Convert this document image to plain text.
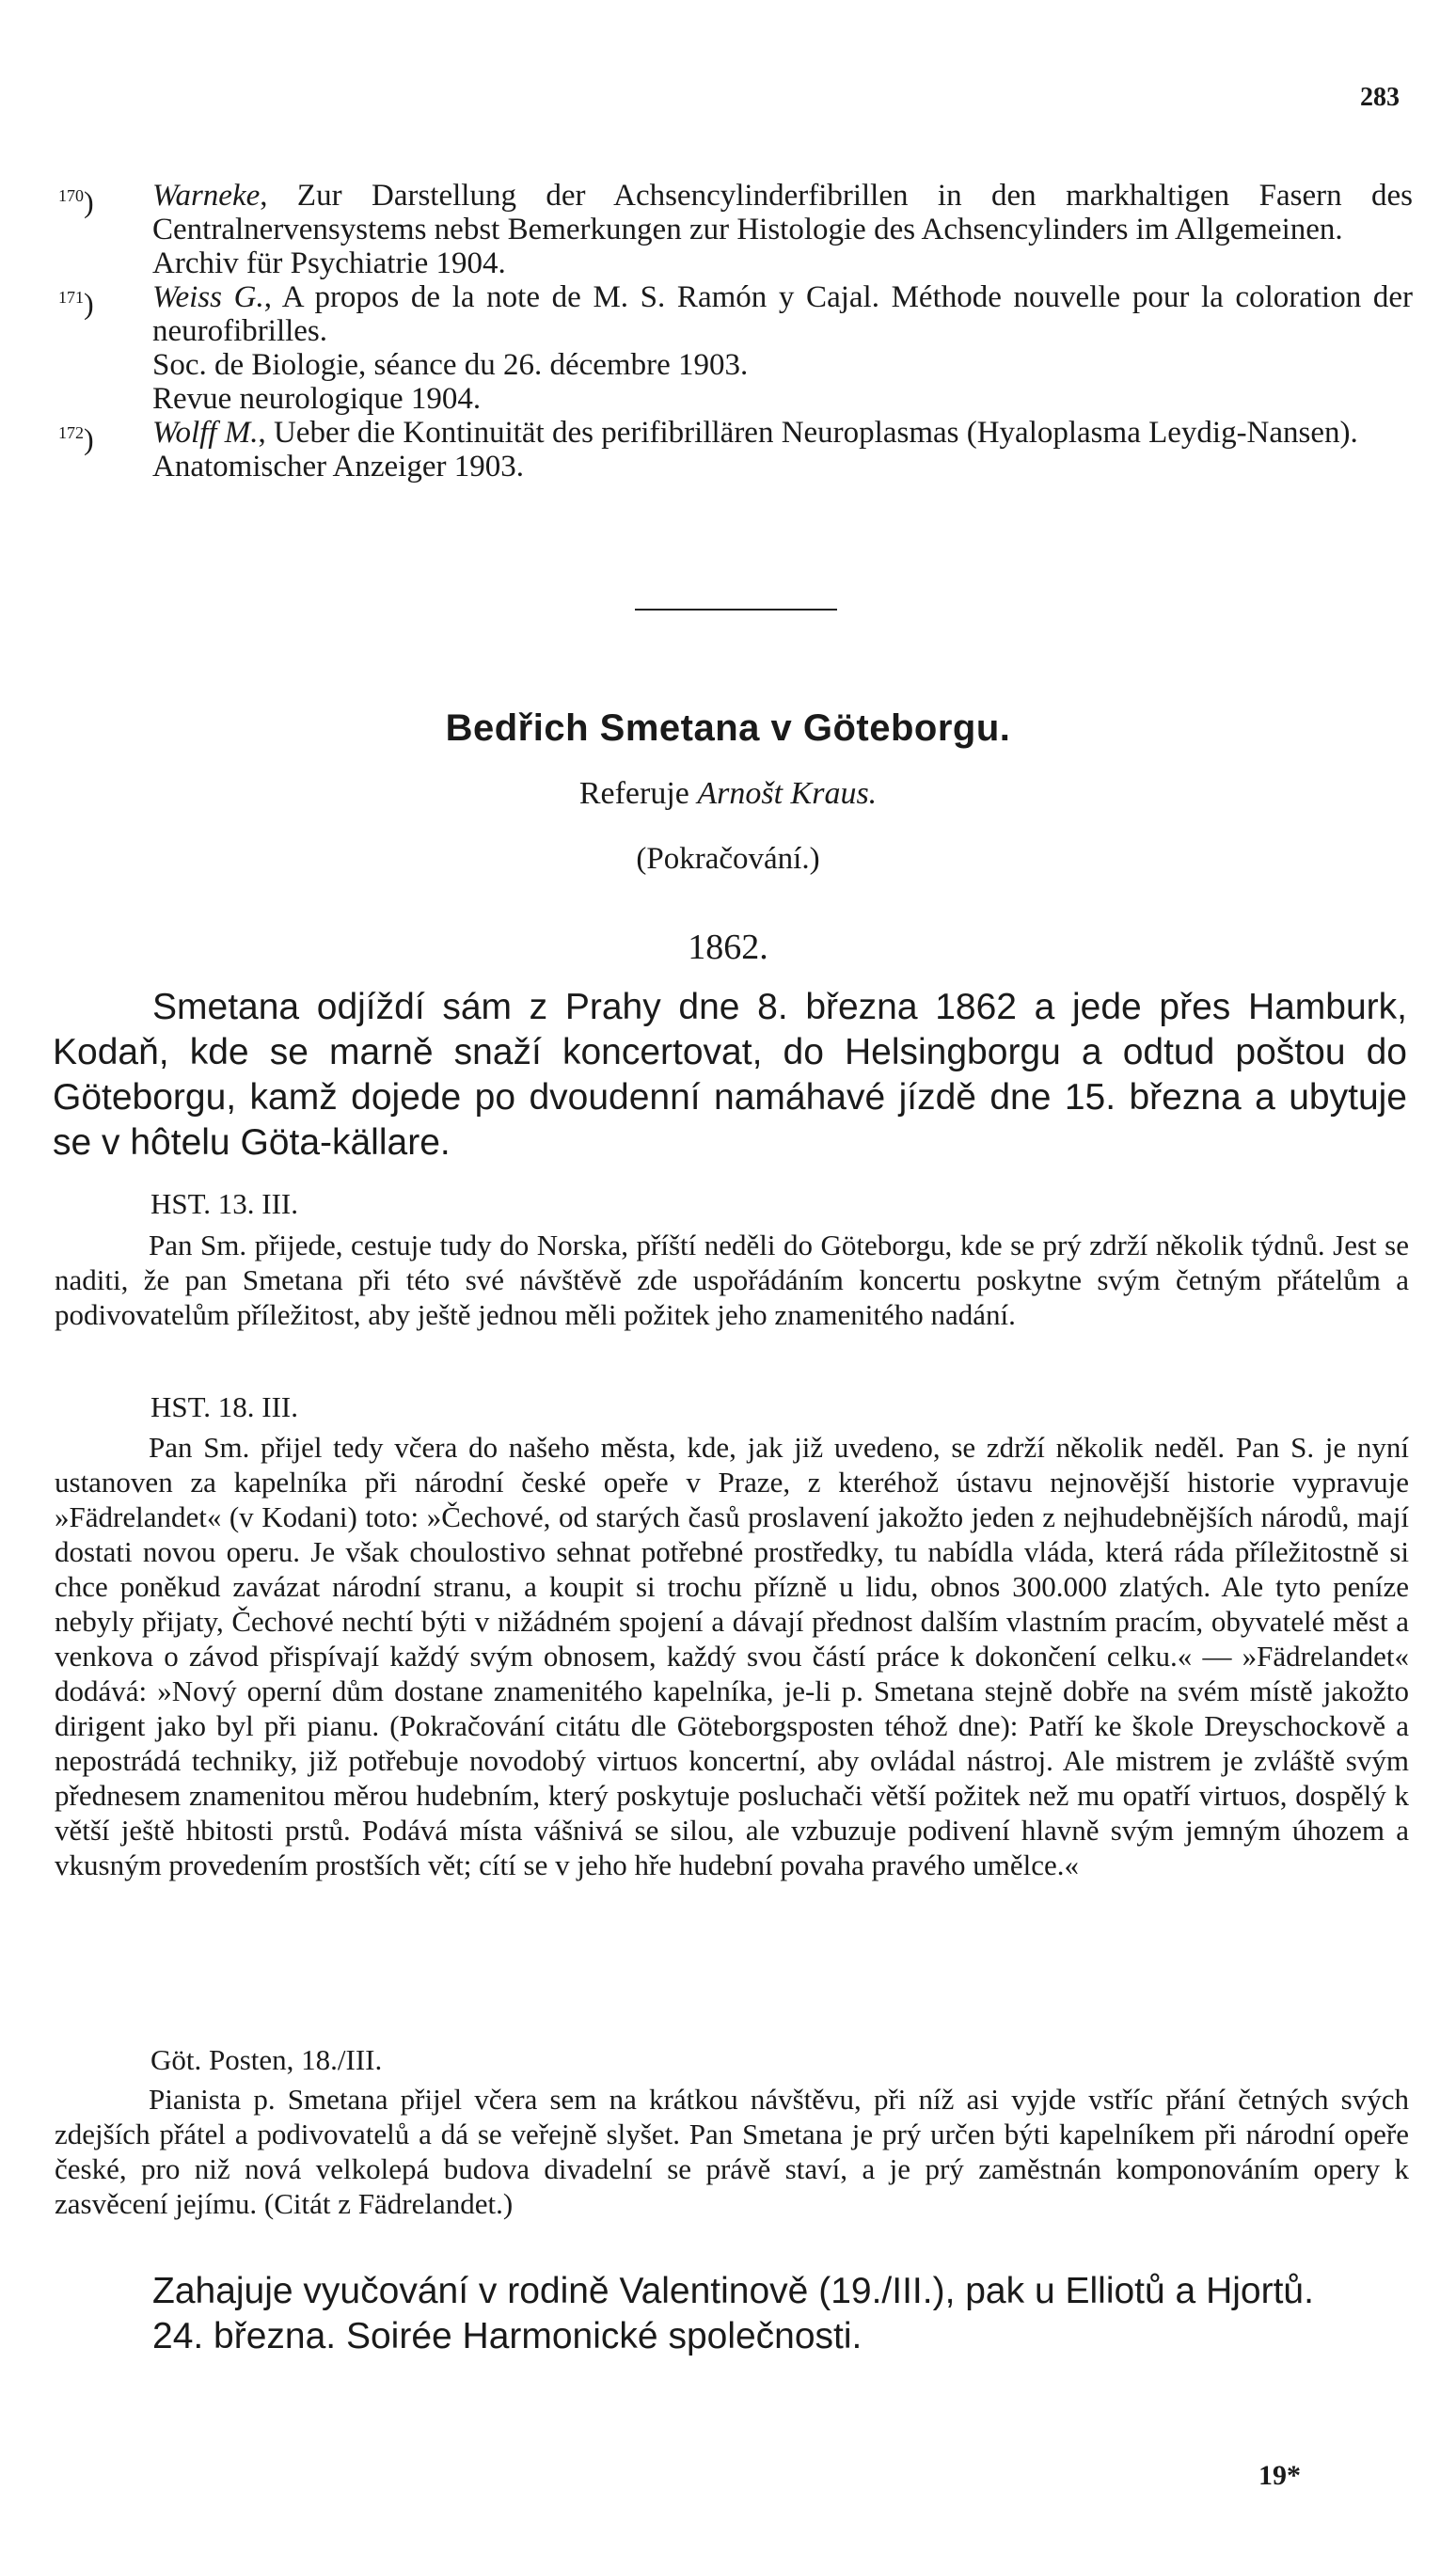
283
$^{170}$)	Warneke, Zur Darstellung der Achsencylinderfibrillen in den markhaltigen Fasern des Centralnervensystems nebst Bemerkungen zur Histologie des Achsencylinders im Allgemeinen.
Archiv für Psychiatrie 1904.
$^{171}$)	Weiss G., A propos de la note de M. S. Ramón y Cajal. Méthode nouvelle pour la coloration der neurofibrilles.
Soc. de Biologie, séance du 26. décembre 1903.
Revue neurologique 1904.
$^{172}$)	Wolff M., Ueber die Kontinuität des perifibrillären Neuroplasmas (Hyaloplasma Leydig-Nansen).
Anatomischer Anzeiger 1903.
Bedřich Smetana v Göteborgu.
Referuje Arnošt Kraus.
(Pokračování.)
1862.

Smetana odjíždí sám z Prahy dne 8. března 1862 a jede přes Hamburk, Kodaň, kde se marně snaží koncertovat, do Helsingborgu a odtud poštou do Göteborgu, kamž dojede po dvoudenní namáhavé jízdě dne 15. března a ubytuje se v hôtelu Göta-källare.

HST. 13. III.

Pan Sm. přijede, cestuje tudy do Norska, příští neděli do Göteborgu, kde se prý zdrží několik týdnů. Jest se naditi, že pan Smetana při této své návštěvě zde uspořádáním koncertu poskytne svým četným přátelům a podivovatelům příležitost, aby ještě jednou měli požitek jeho znamenitého nadání.

HST. 18. III.

Pan Sm. přijel tedy včera do našeho města, kde, jak již uvedeno, se zdrží několik neděl. Pan S. je nyní ustanoven za kapelníka při národní české opeře v Praze, z kteréhož ústavu nejnovější historie vypravuje »Fädrelandet« (v Kodani) toto: »Čechové, od starých časů proslavení jakožto jeden z nejhudebnějších národů, mají dostati novou operu. Je však choulostivo sehnat potřebné prostředky, tu nabídla vláda, která ráda příležitostně si chce poněkud zavázat národní stranu, a koupit si trochu přízně u lidu, obnos 300.000 zlatých. Ale tyto peníze nebyly přijaty, Čechové nechtí býti v nižádném spojení a dávají přednost dalším vlastním pracím, obyvatelé měst a venkova o závod přispívají každý svým obnosem, každý svou částí práce k dokončení celku.« — »Fädrelandet« dodává: »Nový operní dům dostane znamenitého kapelníka, je-li p. Smetana stejně dobře na svém místě jakožto dirigent jako byl při pianu. (Pokračování citátu dle Göteborgsposten téhož dne): Patří ke škole Dreyschockově a nepostrádá techniky, již potřebuje novodobý virtuos koncertní, aby ovládal nástroj. Ale mistrem je zvláště svým přednesem znamenitou měrou hudebním, který poskytuje posluchači větší požitek než mu opatří virtuos, dospělý k větší ještě hbitosti prstů. Podává místa vášnivá se silou, ale vzbuzuje podivení hlavně svým jemným úhozem a vkusným provedením prostších vět; cítí se v jeho hře hudební povaha pravého umělce.«

Göt. Posten, 18./III.

Pianista p. Smetana přijel včera sem na krátkou návštěvu, při níž asi vyjde vstříc přání četných svých zdejších přátel a podivovatelů a dá se veřejně slyšet. Pan Smetana je prý určen býti kapelníkem při národní opeře české, pro niž nová velkolepá budova divadelní se právě staví, a je prý zaměstnán komponováním opery k zasvěcení jejímu. (Citát z Fädrelandet.)

Zahajuje vyučování v rodině Valentinově (19./III.), pak u Elliotů a Hjortů.

24. března. Soirée Harmonické společnosti.

19*
